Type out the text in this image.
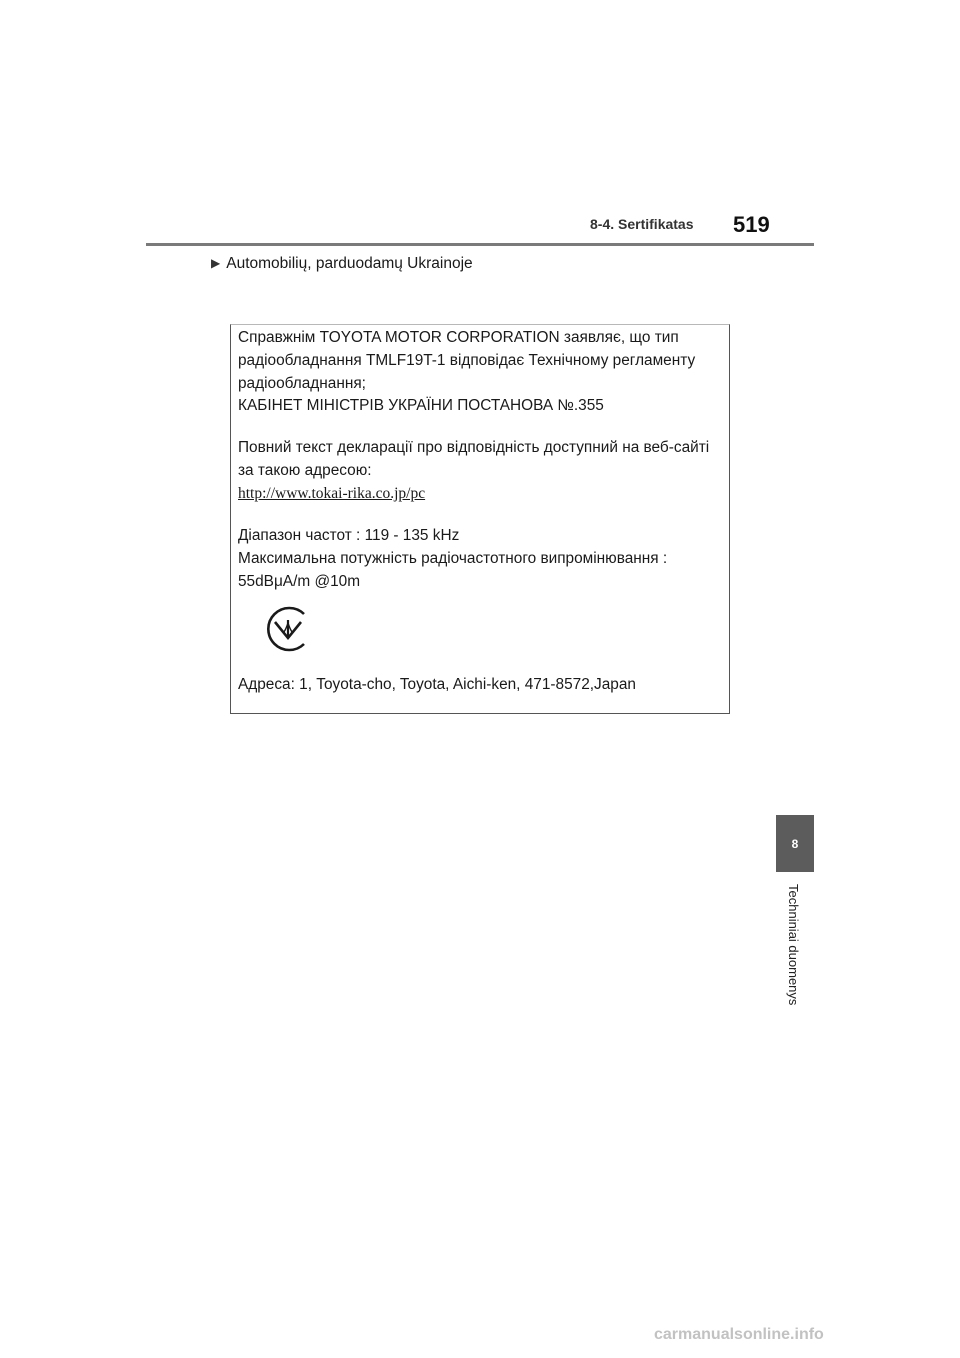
8-4. Sertifikatas 519
▶ Automobilių, parduodamų Ukrainoje
Справжнім TOYOTA MOTOR CORPORATION заявляє, що тип
радіообладнання TMLF19T-1 відповідає Технічному регламенту
радіообладнання;
КАБІНЕТ МІНІСТРІВ УКРАЇНИ ПОСТАНОВА №.355
Повний текст декларації про відповідність доступний на веб-сайті
за такою адресою:
http://www.tokai-rika.co.jp/pc
Діапазон частот : 119 - 135 kHz
Максимальна потужність радіочастотного випромінювання :
55dBμA/m @10m
Адреса: 1, Toyota-cho, Toyota, Aichi-ken, 471-8572,Japan
8
Techniniai duomenys
carmanualsonline.info
